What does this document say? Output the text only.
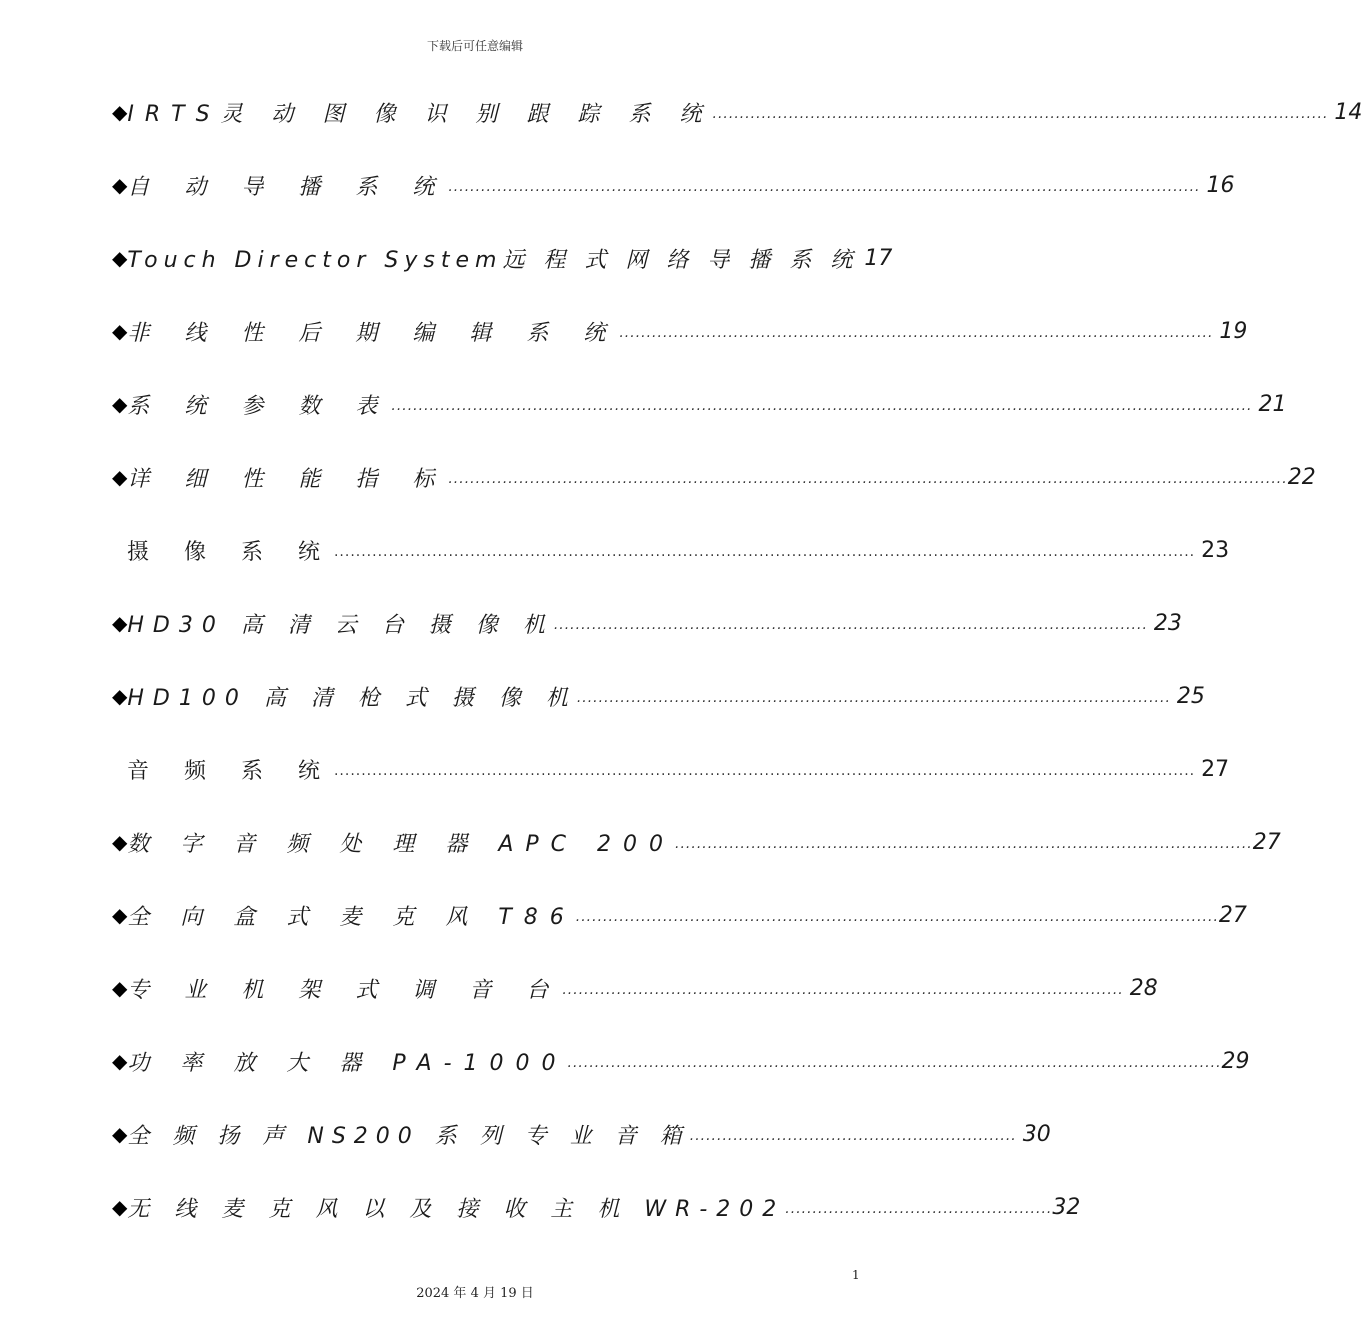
下载后可任意编辑
◆ IRTS灵 动 图 像 识 别 跟 踪 系 统 ................................................................................................................. 14
◆ 自 动 导 播 系 统 .......................................................................................................................................... 16
◆ Touch Director System远 程 式 网 络 导 播 系 统 17
◆ 非 线 性 后 期 编 辑 系 统 ............................................................................................................. 19
◆ 系 统 参 数 表 .............................................................................................................................................................. 21
◆ 详 细 性 能 指 标 .......................................................................................................................................................... 22
摄 像 系 统 .............................................................................................................................................................. 23
◆ HD30 高 清 云 台 摄 像 机 ............................................................................................................. 23
◆ HD100 高 清 枪 式 摄 像 机 ............................................................................................................. 25
音 频 系 统 .............................................................................................................................................................. 27
◆ 数 字 音 频 处 理 器 APC 200 .......................................................................................................... 27
◆ 全 向 盒 式 麦 克 风 T86 ...................................................................................................................... 27
◆ 专 业 机 架 式 调 音 台 ....................................................................................................... 28
◆ 功 率 放 大 器 PA-1000 ........................................................................................................................ 29
◆ 全 频 扬 声 NS200 系 列 专 业 音 箱 ............................................................ 30
◆ 无 线 麦 克 风 以 及 接 收 主 机 WR-202 ................................................. 32
1
2024 年 4 月 19 日
